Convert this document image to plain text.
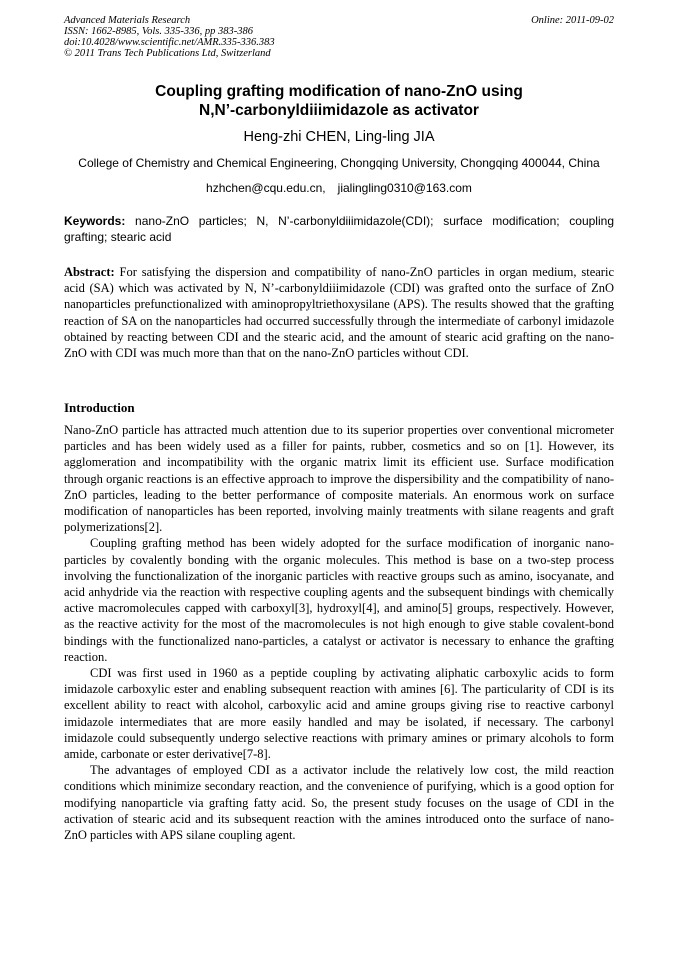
Advanced Materials Research
ISSN: 1662-8985, Vols. 335-336, pp 383-386
doi:10.4028/www.scientific.net/AMR.335-336.383
© 2011 Trans Tech Publications Ltd, Switzerland
Online: 2011-09-02
Coupling grafting modification of nano-ZnO using
N,N’-carbonyldiiimidazole as activator
Heng-zhi CHEN, Ling-ling JIA
College of Chemistry and Chemical Engineering, Chongqing University, Chongqing 400044, China
hzhchen@cqu.edu.cn, jialingling0310@163.com
Keywords: nano-ZnO particles; N, N’-carbonyldiiimidazole(CDI); surface modification; coupling grafting; stearic acid
Abstract: For satisfying the dispersion and compatibility of nano-ZnO particles in organ medium, stearic acid (SA) which was activated by N, N’-carbonyldiiimidazole (CDI) was grafted onto the surface of ZnO nanoparticles prefunctionalized with aminopropyltriethoxysilane (APS). The results showed that the grafting reaction of SA on the nanoparticles had occurred successfully through the intermediate of carbonyl imidazole obtained by reacting between CDI and the stearic acid, and the amount of stearic acid grafting on the nano-ZnO with CDI was much more than that on the nano-ZnO particles without CDI.
Introduction

Nano-ZnO particle has attracted much attention due to its superior properties over conventional micrometer particles and has been widely used as a filler for paints, rubber, cosmetics and so on [1]. However, its agglomeration and incompatibility with the organic matrix limit its efficient use. Surface modification through organic reactions is an effective approach to improve the dispersibility and the compatibility of nano-ZnO particles, leading to the better performance of composite materials. An enormous work on surface modification of nanoparticles has been reported, involving mainly treatments with silane reagents and graft polymerizations[2].

Coupling grafting method has been widely adopted for the surface modification of inorganic nano-particles by covalently bonding with the organic molecules. This method is base on a two-step process involving the functionalization of the inorganic particles with reactive groups such as amino, isocyanate, and acid anhydride via the reaction with respective coupling agents and the subsequent bindings with chemically active macromolecules capped with carboxyl[3], hydroxyl[4], and amino[5] groups, respectively. However, as the reactive activity for the most of the macromolecules is not high enough to give stable covalent-bond bindings with the functionalized nano-particles, a catalyst or activator is necessary to enhance the grafting reaction.

CDI was first used in 1960 as a peptide coupling by activating aliphatic carboxylic acids to form imidazole carboxylic ester and enabling subsequent reaction with amines [6]. The particularity of CDI is its excellent ability to react with alcohol, carboxylic acid and amine groups giving rise to reactive carbonyl imidazole intermediates that are more easily handled and may be isolated, if necessary. The carbonyl imidazole could subsequently undergo selective reactions with primary amines or primary alcohols to form amide, carbonate or ester derivative[7-8].

The advantages of employed CDI as a activator include the relatively low cost, the mild reaction conditions which minimize secondary reaction, and the convenience of purifying, which is a good option for modifying nanoparticle via grafting fatty acid. So, the present study focuses on the usage of CDI in the activation of stearic acid and its subsequent reaction with the amines introduced onto the surface of nano-ZnO particles with APS silane coupling agent.
